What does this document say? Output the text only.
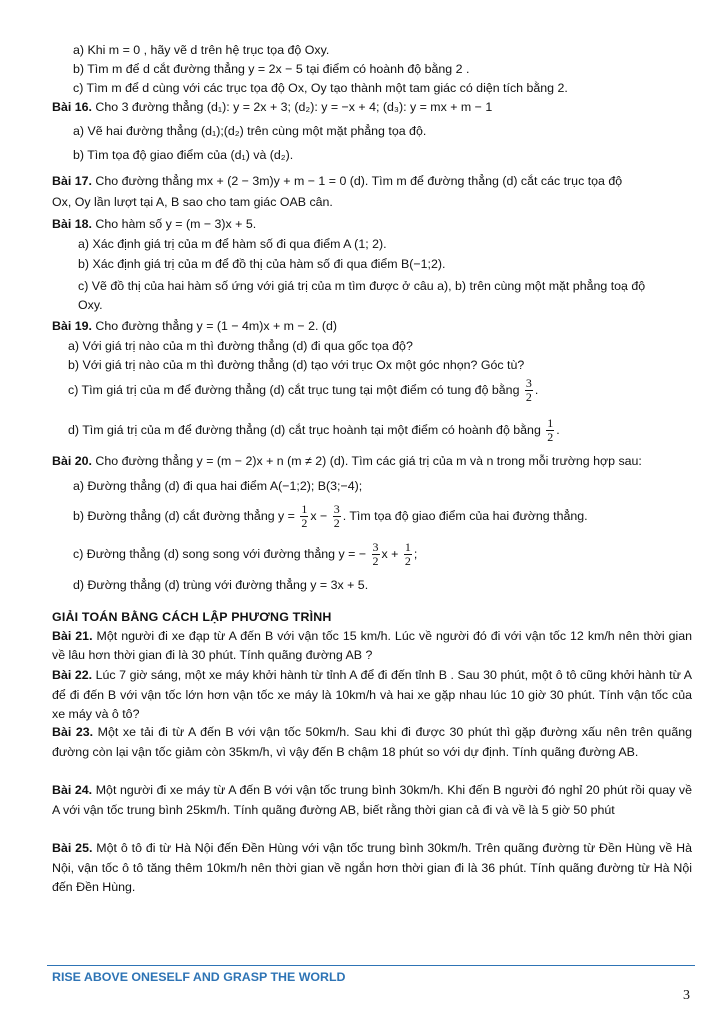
a) Khi m = 0 , hãy vẽ d trên hệ trục tọa độ Oxy.
b) Tìm m để d cắt đường thẳng y = 2x − 5 tại điểm có hoành độ bằng 2 .
c) Tìm m để d cùng với các trục tọa độ Ox, Oy tạo thành một tam giác có diện tích bằng 2.
Bài 16. Cho 3 đường thẳng (d₁): y = 2x + 3; (d₂): y = −x + 4; (d₃): y = mx + m − 1
a) Vẽ hai đường thẳng (d₁);(d₂) trên cùng một mặt phẳng tọa độ.
b) Tìm tọa độ giao điểm của (d₁) và (d₂).
Bài 17. Cho đường thẳng mx + (2 − 3m)y + m − 1 = 0 (d). Tìm m để đường thẳng (d) cắt các trục tọa độ
Ox, Oy lần lượt tại A, B sao cho tam giác OAB cân.
Bài 18. Cho hàm số y = (m − 3)x + 5.
a) Xác định giá trị của m để hàm số đi qua điểm A (1; 2).
b) Xác định giá trị của m để đồ thị của hàm số đi qua điểm B(−1;2).
c) Vẽ đồ thị của hai hàm số ứng với giá trị của m tìm được ở câu a), b) trên cùng một mặt phẳng toạ độ
Oxy.
Bài 19. Cho đường thẳng y = (1 − 4m)x + m − 2. (d)
a) Với giá trị nào của m thì đường thẳng (d) đi qua gốc tọa độ?
b) Với giá trị nào của m thì đường thẳng (d) tạo với trục Ox một góc nhọn? Góc tù?
c) Tìm giá trị của m để đường thẳng (d) cắt trục tung tại một điểm có tung độ bằng $\frac{3}{2}$ .
d) Tìm giá trị của m để đường thẳng (d) cắt trục hoành tại một điểm có hoành độ bằng $\frac{1}{2}$ .
Bài 20. Cho đường thẳng y = (m − 2)x + n (m ≠ 2) (d). Tìm các giá trị của m và n trong mỗi trường hợp sau:
a) Đường thẳng (d) đi qua hai điểm A(−1;2); B(3;−4);
b) Đường thẳng (d) cắt đường thẳng $y = \frac{1}{2}$ $x - \frac{3}{2}$ . Tìm tọa độ giao điểm của hai đường thẳng.
c) Đường thẳng (d) song song với đường thẳng y = − $\frac{3}{2}$ $x + \frac{1}{2}$ ;
d) Đường thẳng (d) trùng với đường thẳng y = 3x + 5.
GIẢI TOÁN BẰNG CÁCH LẬP PHƯƠNG TRÌNH
Bài 21. Một người đi xe đạp từ A đến B với vận tốc 15 km/h. Lúc về người đó đi với vận tốc 12 km/h nên thời gian về lâu hơn thời gian đi là 30 phút. Tính quãng đường AB ?
Bài 22. Lúc 7 giờ sáng, một xe máy khởi hành từ tỉnh A để đi đến tỉnh B . Sau 30 phút, một ô tô cũng khởi hành từ A để đi đến B với vận tốc lớn hơn vận tốc xe máy là 10km/h và hai xe gặp nhau lúc 10 giờ 30 phút. Tính vận tốc của xe máy và ô tô?
Bài 23. Một xe tải đi từ A đến B với vận tốc 50km/h. Sau khi đi được 30 phút thì gặp đường xấu nên trên quãng đường còn lại vận tốc giảm còn 35km/h, vì vậy đến B chậm 18 phút so với dự định. Tính quãng đường AB.
Bài 24. Một người đi xe máy từ A đến B với vận tốc trung bình 30km/h. Khi đến B người đó nghỉ 20 phút rồi quay về A với vận tốc trung bình 25km/h. Tính quãng đường AB, biết rằng thời gian cả đi và về là 5 giờ 50 phút
Bài 25. Một ô tô đi từ Hà Nội đến Đền Hùng với vận tốc trung bình 30km/h. Trên quãng đường từ Đền Hùng về Hà Nội, vận tốc ô tô tăng thêm 10km/h nên thời gian về ngắn hơn thời gian đi là 36 phút. Tính quãng đường từ Hà Nội đến Đền Hùng.
RISE ABOVE ONESELF AND GRASP THE WORLD
3
